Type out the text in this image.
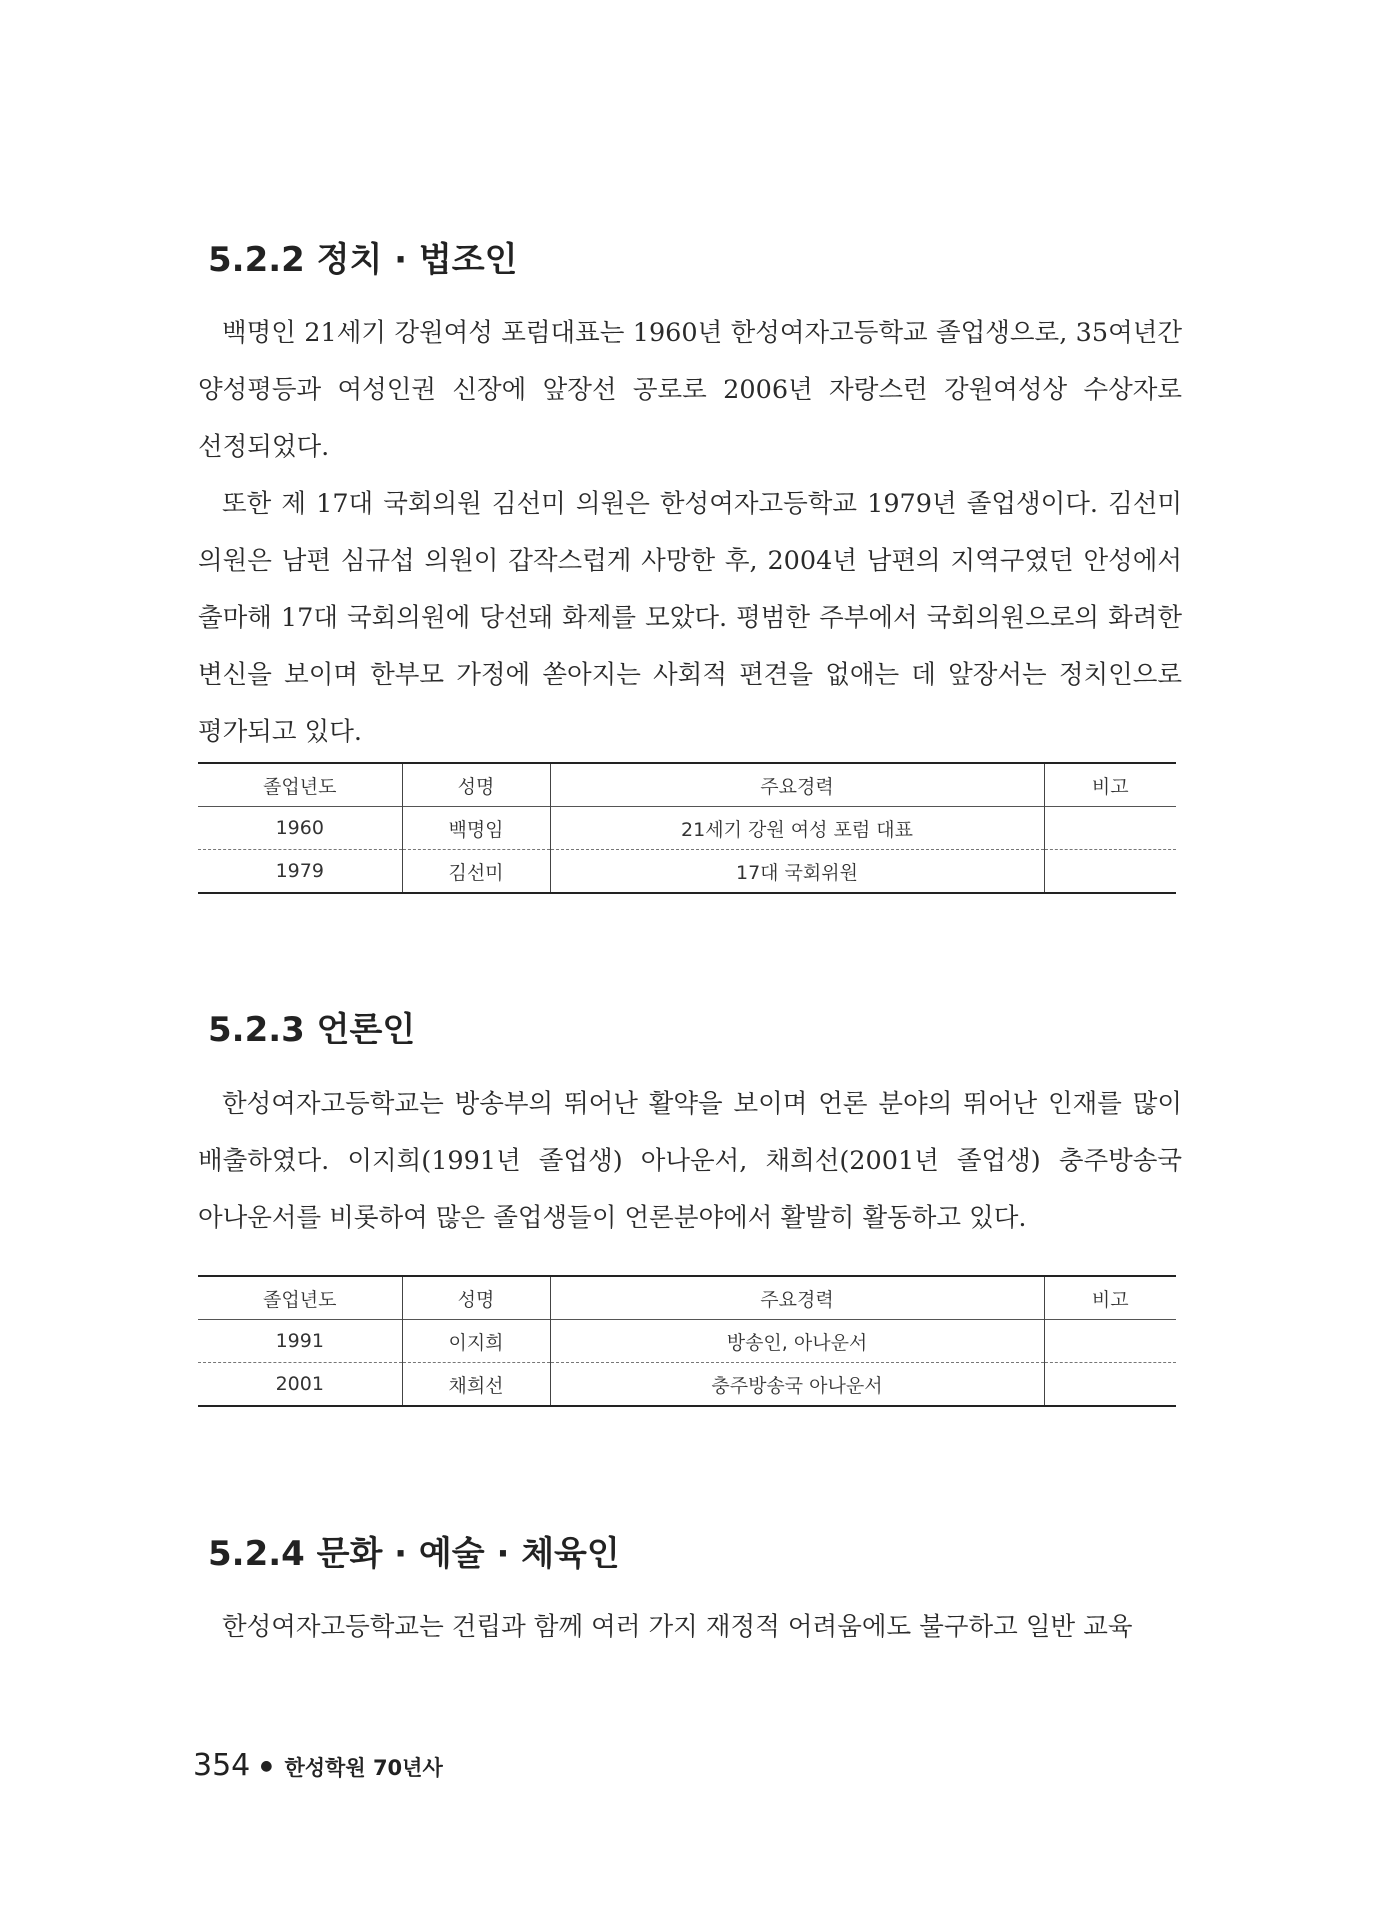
5.2.2 정치 · 법조인

백명인 21세기 강원여성 포럼대표는 1960년 한성여자고등학교 졸업생으로, 35여년간 양성평등과 여성인권 신장에 앞장선 공로로 2006년 자랑스런 강원여성상 수상자로 선정되었다.

또한 제 17대 국회의원 김선미 의원은 한성여자고등학교 1979년 졸업생이다. 김선미 의원은 남편 심규섭 의원이 갑작스럽게 사망한 후, 2004년 남편의 지역구였던 안성에서 출마해 17대 국회의원에 당선돼 화제를 모았다. 평범한 주부에서 국회의원으로의 화려한 변신을 보이며 한부모 가정에 쏟아지는 사회적 편견을 없애는 데 앞장서는 정치인으로 평가되고 있다.

졸업년도	성명	주요경력	비고
1960	백명임	21세기 강원 여성 포럼 대표	
1979	김선미	17대 국회위원	
5.2.3 언론인

한성여자고등학교는 방송부의 뛰어난 활약을 보이며 언론 분야의 뛰어난 인재를 많이 배출하였다. 이지희(1991년 졸업생) 아나운서, 채희선(2001년 졸업생) 충주방송국 아나운서를 비롯하여 많은 졸업생들이 언론분야에서 활발히 활동하고 있다.

졸업년도	성명	주요경력	비고
1991	이지희	방송인, 아나운서	
2001	채희선	충주방송국 아나운서	
5.2.4 문화 · 예술 · 체육인

한성여자고등학교는 건립과 함께 여러 가지 재정적 어려움에도 불구하고 일반 교육

354 ● 한성학원 70년사
